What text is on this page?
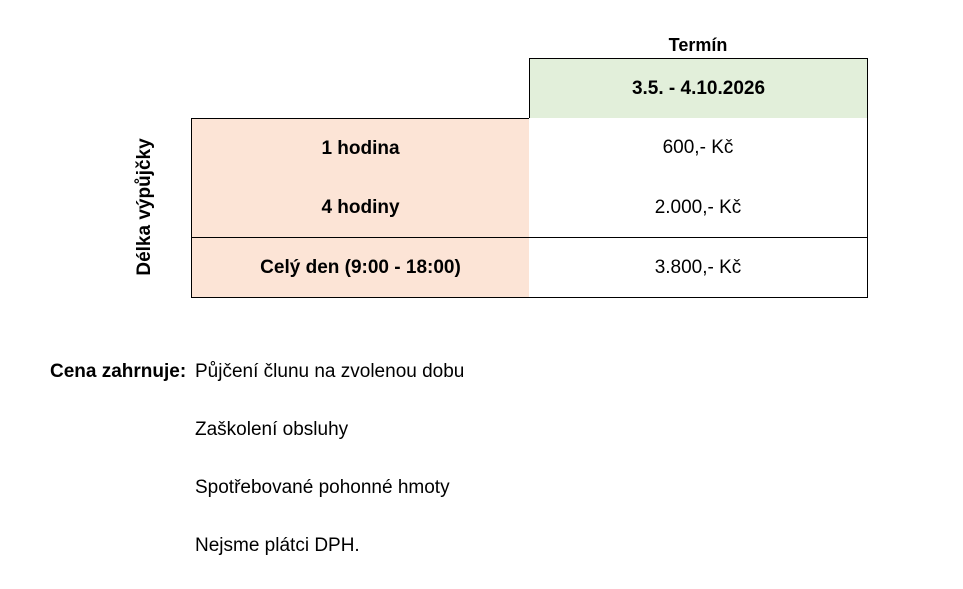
Termín
3.5. - 4.10.2026
Délka výpůjčky	1 hodina	600,- Kč
4 hodiny	2.000,- Kč
Celý den (9:00 - 18:00)	3.800,- Kč
Cena zahrnuje: Půjčení člunu na zvolenou dobu
Zaškolení obsluhy
Spotřebované pohonné hmoty
Nejsme plátci DPH.
